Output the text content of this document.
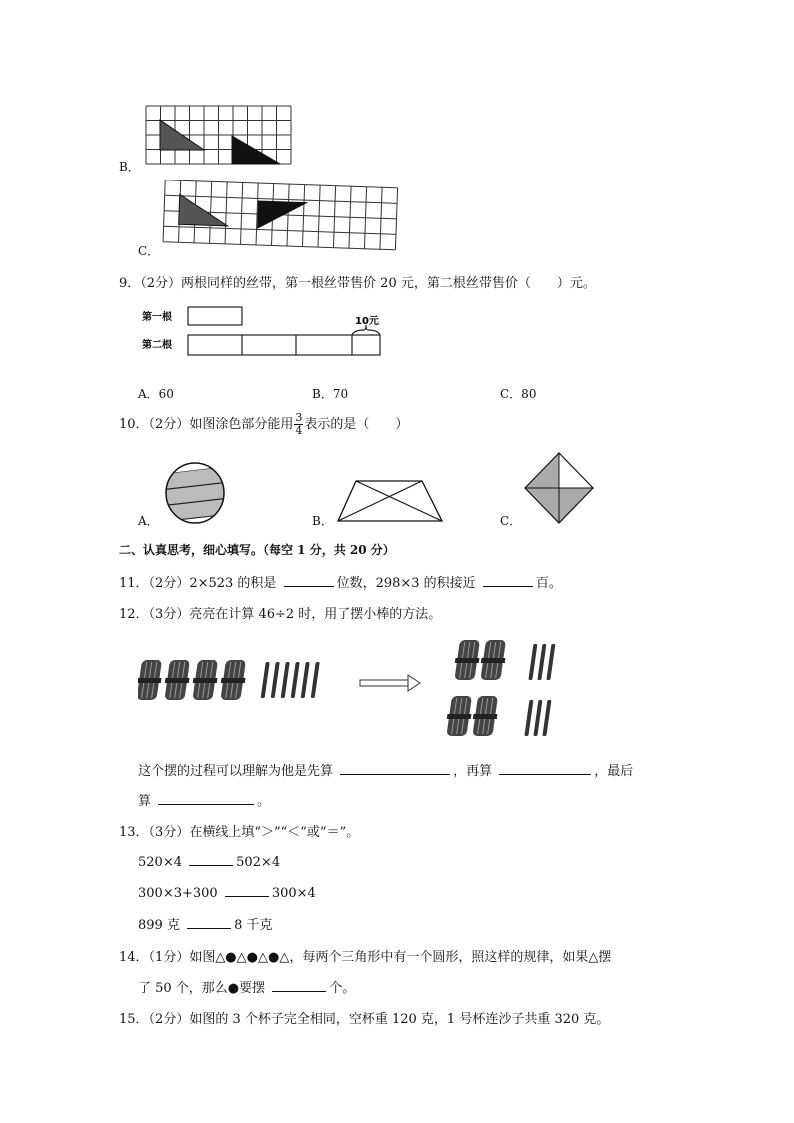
B．
C．
9．（2分）两根同样的丝带，第一根丝带售价 20 元，第二根丝带售价（　　）元。
第一根
第二根
10元
A．60	B．70	C．80
10．（2分）如图涂色部分能用 $\frac{3}{4}$ 表示的是（　　）
A．	B．	C．
二、认真思考，细心填写。（每空 1 分，共 20 分）
11．（2分）2×523 的积是	位数，298×3 的积接近	百。
12．（3分）亮亮在计算 46÷2 时，用了摆小棒的方法。
这个摆的过程可以理解为他是先算	，再算	，最后
算	。
13．（3分）在横线上填“＞”“＜”或“＝”。
520×4	502×4
300×3+300	300×4
899 克	8 千克
14．（1分）如图△●△●△●△，每两个三角形中有一个圆形，照这样的规律，如果△摆
了 50 个，那么●要摆	个。
15．（2分）如图的 3 个杯子完全相同，空杯重 120 克，1 号杯连沙子共重 320 克。
